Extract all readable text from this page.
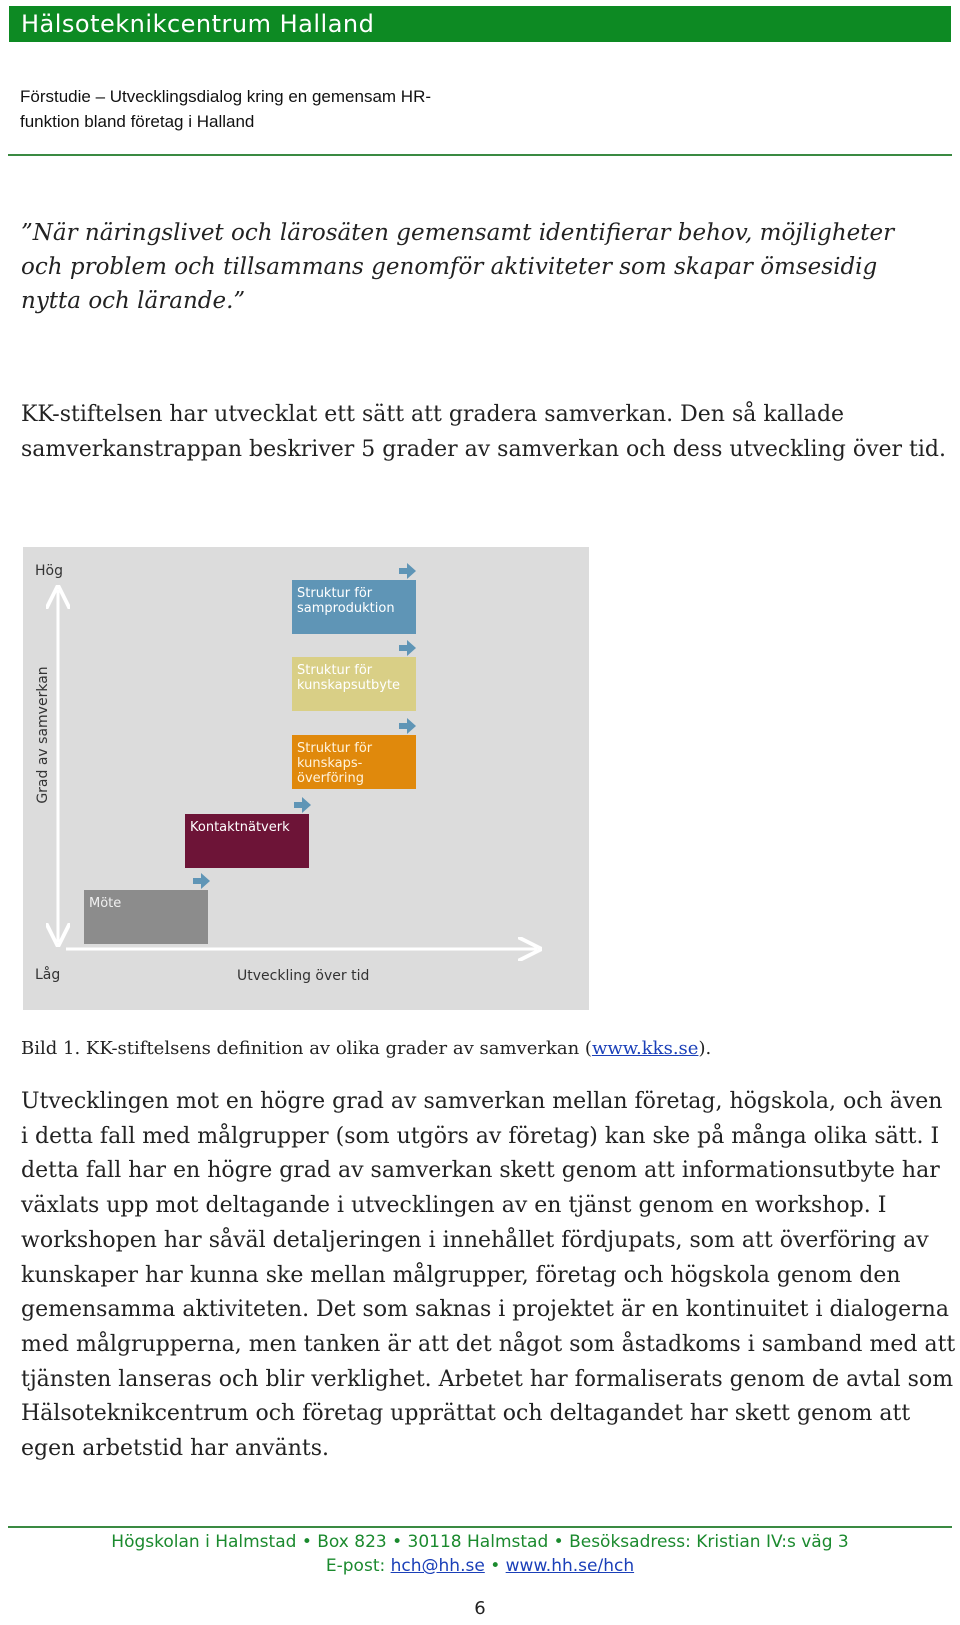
Hälsoteknikcentrum Halland
Förstudie – Utvecklingsdialog kring en gemensam HR-
funktion bland företag i Halland
”När näringslivet och lärosäten gemensamt identifierar behov, möjligheter och problem och tillsammans genomför aktiviteter som skapar ömsesidig nytta och lärande.”
KK-stiftelsen har utvecklat ett sätt att gradera samverkan. Den så kallade samverkanstrappan beskriver 5 grader av samverkan och dess utveckling över tid.
Hög
Låg
Grad av samverkan
Utveckling över tid
Möte
Kontaktnätverk
Struktur för
kunskaps-
överföring
Struktur för
kunskapsutbyte
Struktur för
samproduktion
Bild 1. KK-stiftelsens definition av olika grader av samverkan (www.kks.se).
Utvecklingen mot en högre grad av samverkan mellan företag, högskola, och även i detta fall med målgrupper (som utgörs av företag) kan ske på många olika sätt. I detta fall har en högre grad av samverkan skett genom att informationsutbyte har växlats upp mot deltagande i utvecklingen av en tjänst genom en workshop. I workshopen har såväl detaljeringen i innehållet fördjupats, som att överföring av kunskaper har kunna ske mellan målgrupper, företag och högskola genom den gemensamma aktiviteten. Det som saknas i projektet är en kontinuitet i dialogerna med målgrupperna, men tanken är att det något som åstadkoms i samband med att tjänsten lanseras och blir verklighet. Arbetet har formaliserats genom de avtal som Hälsoteknikcentrum och företag upprättat och deltagandet har skett genom att egen arbetstid har använts.
Högskolan i Halmstad • Box 823 • 30118 Halmstad • Besöksadress: Kristian IV:s väg 3
E-post: hch@hh.se • www.hh.se/hch
6
